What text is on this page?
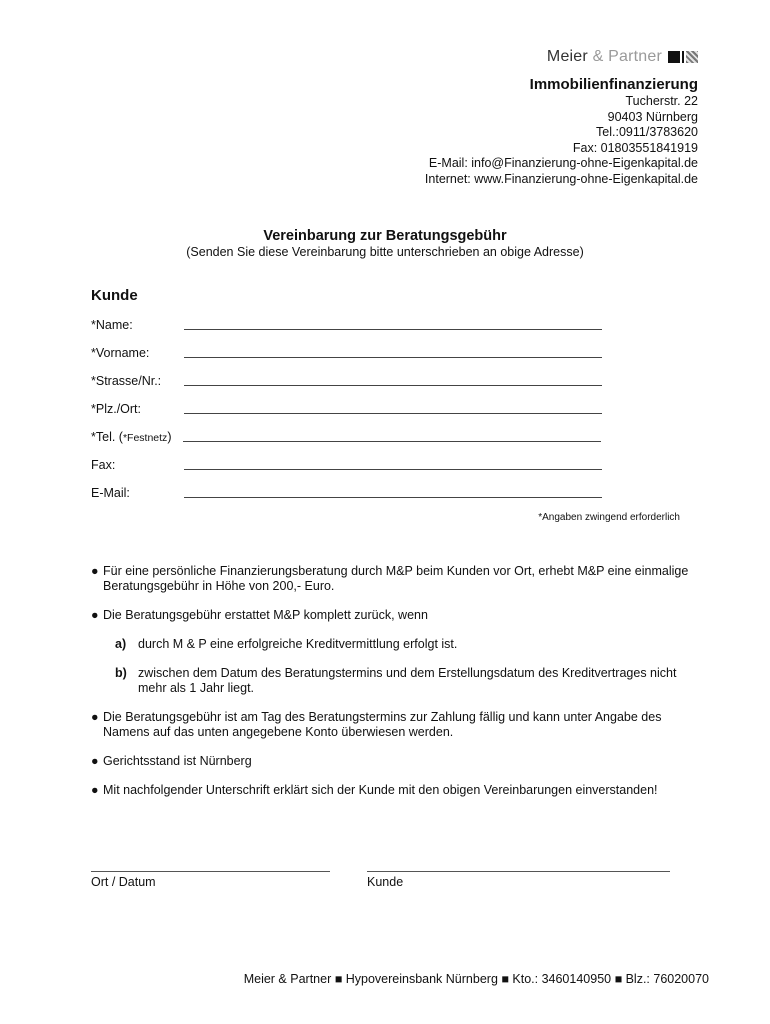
Meier & Partner
Immobilienfinanzierung
Tucherstr. 22
90403 Nürnberg
Tel.:0911/3783620
Fax: 01803551841919
E-Mail: info@Finanzierung-ohne-Eigenkapital.de
Internet: www.Finanzierung-ohne-Eigenkapital.de
Vereinbarung zur Beratungsgebühr
(Senden Sie diese Vereinbarung bitte unterschrieben an obige Adresse)
Kunde
*Name:
*Vorname:
*Strasse/Nr.:
*Plz./Ort:
*Tel. (*Festnetz)
Fax:
E-Mail:
*Angaben zwingend erforderlich
● Für eine persönliche Finanzierungsberatung durch M&P beim Kunden vor Ort, erhebt M&P eine einmalige Beratungsgebühr in Höhe von 200,- Euro.
● Die Beratungsgebühr erstattet M&P komplett zurück, wenn
a) durch M & P eine erfolgreiche Kreditvermittlung erfolgt ist.
b) zwischen dem Datum des Beratungstermins und dem Erstellungsdatum des Kreditvertrages nicht mehr als 1 Jahr liegt.
● Die Beratungsgebühr ist am Tag des Beratungstermins zur Zahlung fällig und kann unter Angabe des Namens auf das unten angegebene Konto überwiesen werden.
● Gerichtsstand ist Nürnberg
● Mit nachfolgender Unterschrift erklärt sich der Kunde mit den obigen Vereinbarungen einverstanden!
Ort / Datum	Kunde
Meier & Partner ■ Hypovereinsbank Nürnberg ■ Kto.: 3460140950 ■ Blz.: 76020070
